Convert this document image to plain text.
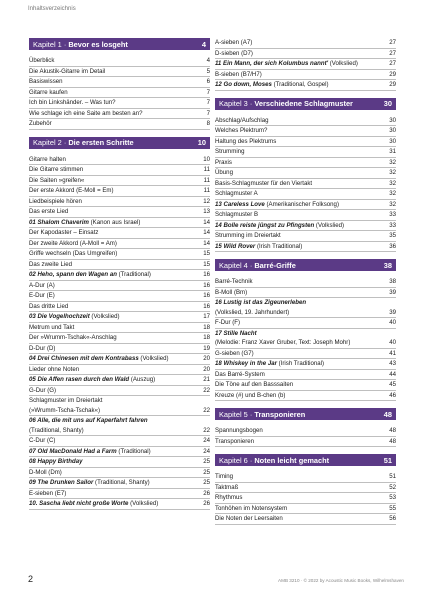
Inhaltsverzeichnis
Kapitel 1 · Bevor es losgeht	4
Überblick	4
Die Akustik-Gitarre im Detail	5
Basiswissen	6
Gitarre kaufen	7
Ich bin Linkshänder. – Was tun?	7
Wie schlage ich eine Saite am besten an?	7
Zubehör	8
Kapitel 2 · Die ersten Schritte	10
Gitarre halten	10
Die Gitarre stimmen	11
Die Saiten »greifen«	11
Der erste Akkord (E-Moll = Em)	11
Liedbeispiele hören	12
Das erste Lied	13
01 Shalom Chaverim (Kanon aus Israel)	14
Der Kapodaster – Einsatz	14
Der zweite Akkord (A-Moll = Am)	14
Griffe wechseln (Das Umgreifen)	15
Das zweite Lied	15
02 Heho, spann den Wagen an (Traditional)	16
A-Dur (A)	16
E-Dur (E)	16
Das dritte Lied	16
03 Die Vogelhochzeit (Volkslied)	17
Metrum und Takt	18
Der »Wrumm-Tschak«-Anschlag	18
D-Dur (D)	19
04 Drei Chinesen mit dem Kontrabass (Volkslied)	20
Lieder ohne Noten	20
05 Die Affen rasen durch den Wald (Auszug)	21
G-Dur (G)	22
Schlagmuster im Dreiertakt
(»Wrumm-Tscha-Tschak«)	22
06 Alle, die mit uns auf Kaperfahrt fahren
(Traditional, Shanty)	22
C-Dur (C)	24
07 Old MacDonald Had a Farm (Traditional)	24
08 Happy Birthday	25
D-Moll (Dm)	25
09 The Drunken Sailor (Traditional, Shanty)	25
E-sieben (E7)	26
10. Sascha liebt nicht große Worte (Volkslied)	26
A-sieben (A7)	27
D-sieben (D7)	27
11 Ein Mann, der sich Kolumbus nannt' (Volkslied)	27
B-sieben (B7/H7)	29
12 Go down, Moses (Traditional, Gospel)	29
Kapitel 3 · Verschiedene Schlagmuster	30
Abschlag/Aufschlag	30
Welches Plektrum?	30
Haltung des Plektrums	30
Strumming	31
Praxis	32
Übung	32
Basis-Schlagmuster für den Viertakt	32
Schlagmuster A	32
13 Careless Love (Amerikanischer Folksong)	32
Schlagmuster B	33
14 Bolle reiste jüngst zu Pfingsten (Volkslied)	33
Strumming im Dreiertakt	35
15 Wild Rover (Irish Traditional)	36
Kapitel 4 · Barré-Griffe	38
Barré-Technik	38
B-Moll (Bm)	39
16 Lustig ist das Zigeunerleben
(Volkslied, 19. Jahrhundert)	39
F-Dur (F)	40
17 Stille Nacht
(Melodie: Franz Xaver Gruber, Text: Joseph Mohr)	40
G-sieben (G7)	41
18 Whiskey in the Jar (Irish Traditional)	43
Das Barré-System	44
Die Töne auf den Basssaiten	45
Kreuze (#) und B-chen (b)	46
Kapitel 5 · Transponieren	48
Spannungsbogen	48
Transponieren	48
Kapitel 6 · Noten leicht gemacht	51
Timing	51
Taktmaß	52
Rhythmus	53
Tonhöhen im Notensystem	55
Die Noten der Leersaiten	56
2	AMB 3210 · © 2022 by Acoustic Music Books, Wilhelmshaven
